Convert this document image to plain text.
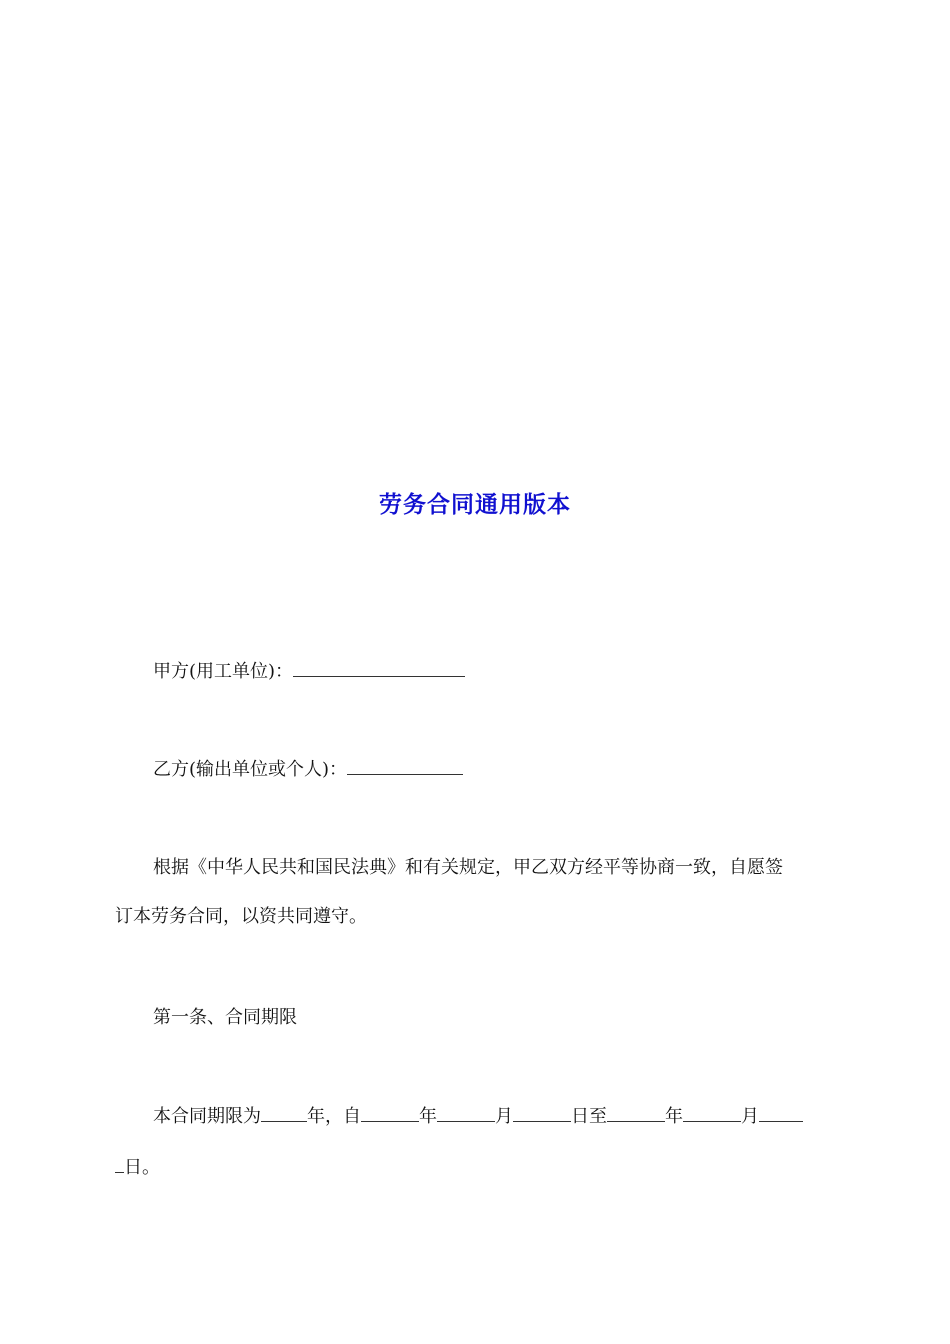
劳务合同通用版本
甲方(用工单位)：
乙方(输出单位或个人)：
根据《中华人民共和国民法典》和有关规定，甲乙双方经平等协商一致，自愿签
订本劳务合同，以资共同遵守。
第一条、合同期限
本合同期限为	年，自	年	月	日至	年	月
日。
